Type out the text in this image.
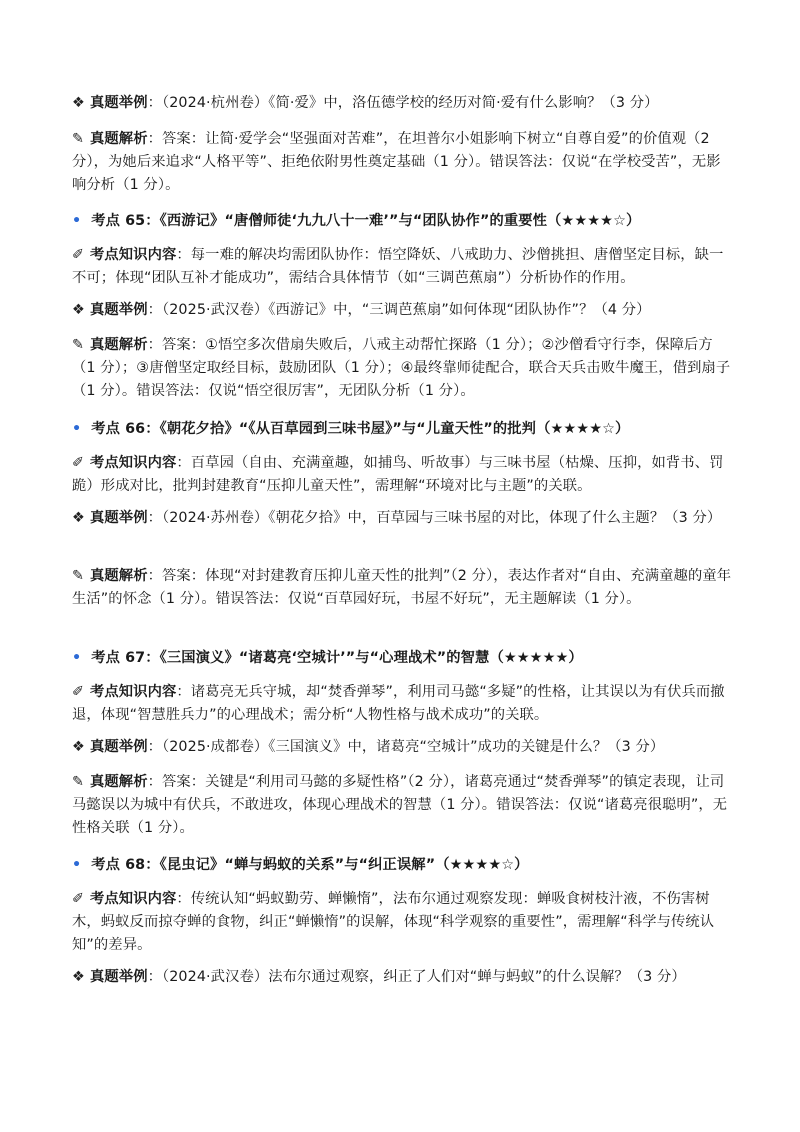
❖ 真题举例：（2024·杭州卷）《简·爱》中，洛伍德学校的经历对简·爱有什么影响？（3 分）
✎ 真题解析：答案：让简·爱学会“坚强面对苦难”，在坦普尔小姐影响下树立“自尊自爱”的价值观（2 分），为她后来追求“人格平等”、拒绝依附男性奠定基础（1 分）。错误答法：仅说“在学校受苦”，无影响分析（1 分）。
• 考点 65：《西游记》“唐僧师徒‘九九八十一难’”与“团队协作”的重要性（★★★★☆）
✐ 考点知识内容：每一难的解决均需团队协作：悟空降妖、八戒助力、沙僧挑担、唐僧坚定目标，缺一不可；体现“团队互补才能成功”，需结合具体情节（如“三调芭蕉扇”）分析协作的作用。
❖ 真题举例：（2025·武汉卷）《西游记》中，“三调芭蕉扇”如何体现“团队协作”？（4 分）
✎ 真题解析：答案：①悟空多次借扇失败后，八戒主动帮忙探路（1 分）；②沙僧看守行李，保障后方（1 分）；③唐僧坚定取经目标，鼓励团队（1 分）；④最终靠师徒配合，联合天兵击败牛魔王，借到扇子（1 分）。错误答法：仅说“悟空很厉害”，无团队分析（1 分）。
• 考点 66：《朝花夕拾》“《从百草园到三味书屋》”与“儿童天性”的批判（★★★★☆）
✐ 考点知识内容：百草园（自由、充满童趣，如捕鸟、听故事）与三味书屋（枯燥、压抑，如背书、罚跪）形成对比，批判封建教育“压抑儿童天性”，需理解“环境对比与主题”的关联。
❖ 真题举例：（2024·苏州卷）《朝花夕拾》中，百草园与三味书屋的对比，体现了什么主题？（3 分）
✎ 真题解析：答案：体现“对封建教育压抑儿童天性的批判”（2 分），表达作者对“自由、充满童趣的童年生活”的怀念（1 分）。错误答法：仅说“百草园好玩，书屋不好玩”，无主题解读（1 分）。
• 考点 67：《三国演义》“诸葛亮‘空城计’”与“心理战术”的智慧（★★★★★）
✐ 考点知识内容：诸葛亮无兵守城，却“焚香弹琴”，利用司马懿“多疑”的性格，让其误以为有伏兵而撤退，体现“智慧胜兵力”的心理战术；需分析“人物性格与战术成功”的关联。
❖ 真题举例：（2025·成都卷）《三国演义》中，诸葛亮“空城计”成功的关键是什么？（3 分）
✎ 真题解析：答案：关键是“利用司马懿的多疑性格”（2 分），诸葛亮通过“焚香弹琴”的镇定表现，让司马懿误以为城中有伏兵，不敢进攻，体现心理战术的智慧（1 分）。错误答法：仅说“诸葛亮很聪明”，无性格关联（1 分）。
• 考点 68：《昆虫记》“蝉与蚂蚁的关系”与“纠正误解”（★★★★☆）
✐ 考点知识内容：传统认知“蚂蚁勤劳、蝉懒惰”，法布尔通过观察发现：蝉吸食树枝汁液，不伤害树木，蚂蚁反而掠夺蝉的食物，纠正“蝉懒惰”的误解，体现“科学观察的重要性”，需理解“科学与传统认知”的差异。
❖ 真题举例：（2024·武汉卷）法布尔通过观察，纠正了人们对“蝉与蚂蚁”的什么误解？（3 分）
